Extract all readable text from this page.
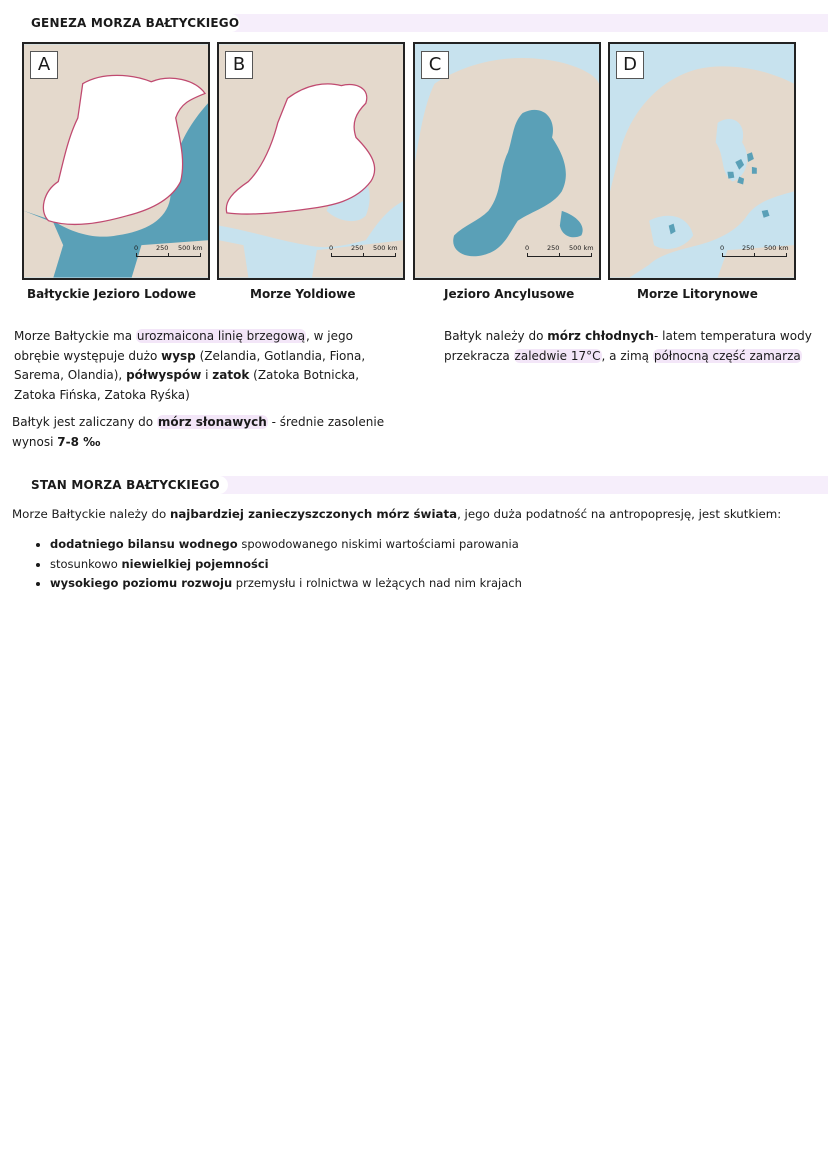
GENEZA MORZA BAŁTYCKIEGO
A
0	250 500 km
B
0	250 500 km
C
0	250 500 km
D
0	250 500 km
Bałtyckie Jezioro Lodowe	Morze Yoldiowe	Jezioro Ancylusowe	Morze Litorynowe
Morze Bałtyckie ma urozmaicona linię brzegową, w jego obrębie występuje dużo wysp (Zelandia, Gotlandia, Fiona, Sarema, Olandia), półwyspów i zatok (Zatoka Botnicka, Zatoka Fińska, Zatoka Ryśka)
Bałtyk jest zaliczany do mórz słonawych - średnie zasolenie wynosi 7-8 ‰
Bałtyk należy do mórz chłodnych- latem temperatura wody przekracza zaledwie 17°C, a zimą północną część zamarza
STAN MORZA BAŁTYCKIEGO
Morze Bałtyckie należy do najbardziej zanieczyszczonych mórz świata, jego duża podatność na antropopresję, jest skutkiem:
• dodatniego bilansu wodnego spowodowanego niskimi wartościami parowania
• stosunkowo niewielkiej pojemności
• wysokiego poziomu rozwoju przemysłu i rolnictwa w leżących nad nim krajach
